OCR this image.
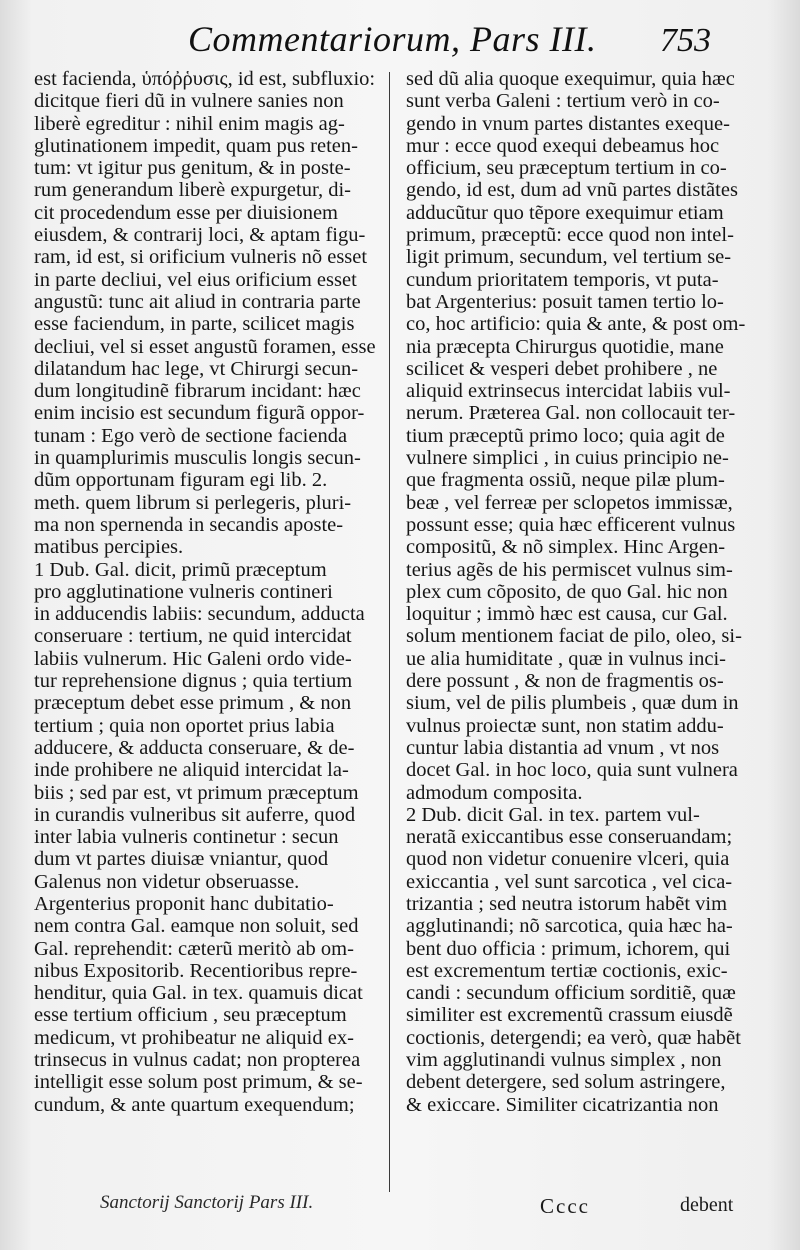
Commentariorum, Pars III. 753
est facienda, ὑπόῤῥυσις, id est, subfluxio:
dicitque fieri dũ in vulnere sanies non
liberè egreditur : nihil enim magis ag-
glutinationem impedit, quam pus reten-
tum: vt igitur pus genitum, & in poste-
rum generandum liberè expurgetur, di-
cit procedendum esse per diuisionem
eiusdem, & contrarij loci, & aptam figu-
ram, id est, si orificium vulneris nõ esset
in parte decliui, vel eius orificium esset
angustũ: tunc ait aliud in contraria parte
esse faciendum, in parte, scilicet magis
decliui, vel si esset angustũ foramen, esse
dilatandum hac lege, vt Chirurgi secun-
dum longitudinẽ fibrarum incidant: hæc
enim incisio est secundum figurã oppor-
tunam : Ego verò de sectione facienda
in quamplurimis musculis longis secun-
dũm opportunam figuram egi lib. 2.
meth. quem librum si perlegeris, pluri-
ma non spernenda in secandis aposte-
matibus percipies.
1 Dub. Gal. dicit, primũ præceptum
pro agglutinatione vulneris contineri
in adducendis labiis: secundum, adducta
conseruare : tertium, ne quid intercidat
labiis vulnerum. Hic Galeni ordo vide-
tur reprehensione dignus ; quia tertium
præceptum debet esse primum , & non
tertium ; quia non oportet prius labia
adducere, & adducta conseruare, & de-
inde prohibere ne aliquid intercidat la-
biis ; sed par est, vt primum præceptum
in curandis vulneribus sit auferre, quod
inter labia vulneris continetur : secun
dum vt partes diuisæ vniantur, quod
Galenus non videtur obseruasse.
Argenterius proponit hanc dubitatio-
nem contra Gal. eamque non soluit, sed
Gal. reprehendit: cæterũ meritò ab om-
nibus Expositorib. Recentioribus repre-
henditur, quia Gal. in tex. quamuis dicat
esse tertium officium , seu præceptum
medicum, vt prohibeatur ne aliquid ex-
trinsecus in vulnus cadat; non propterea
intelligit esse solum post primum, & se-
cundum, & ante quartum exequendum;
sed dũ alia quoque exequimur, quia hæc
sunt verba Galeni : tertium verò in co-
gendo in vnum partes distantes exeque-
mur : ecce quod exequi debeamus hoc
officium, seu præceptum tertium in co-
gendo, id est, dum ad vnũ partes distãtes
adducũtur quo tẽpore exequimur etiam
primum, præceptũ: ecce quod non intel-
ligit primum, secundum, vel tertium se-
cundum prioritatem temporis, vt puta-
bat Argenterius: posuit tamen tertio lo-
co, hoc artificio: quia & ante, & post om-
nia præcepta Chirurgus quotidie, mane
scilicet & vesperi debet prohibere , ne
aliquid extrinsecus intercidat labiis vul-
nerum. Præterea Gal. non collocauit ter-
tium præceptũ primo loco; quia agit de
vulnere simplici , in cuius principio ne-
que fragmenta ossiũ, neque pilæ plum-
beæ , vel ferreæ per sclopetos immissæ,
possunt esse; quia hæc efficerent vulnus
compositũ, & nõ simplex. Hinc Argen-
terius agẽs de his permiscet vulnus sim-
plex cum cõposito, de quo Gal. hic non
loquitur ; immò hæc est causa, cur Gal.
solum mentionem faciat de pilo, oleo, si-
ue alia humiditate , quæ in vulnus inci-
dere possunt , & non de fragmentis os-
sium, vel de pilis plumbeis , quæ dum in
vulnus proiectæ sunt, non statim addu-
cuntur labia distantia ad vnum , vt nos
docet Gal. in hoc loco, quia sunt vulnera
admodum composita.
2 Dub. dicit Gal. in tex. partem vul-
neratã exiccantibus esse conseruandam;
quod non videtur conuenire vlceri, quia
exiccantia , vel sunt sarcotica , vel cica-
trizantia ; sed neutra istorum habẽt vim
agglutinandi; nõ sarcotica, quia hæc ha-
bent duo officia : primum, ichorem, qui
est excrementum tertiæ coctionis, exic-
candi : secundum officium sorditiẽ, quæ
similiter est excrementũ crassum eiusdẽ
coctionis, detergendi; ea verò, quæ habẽt
vim agglutinandi vulnus simplex , non
debent detergere, sed solum astringere,
& exiccare. Similiter cicatrizantia non
Sanctorij Sanctorij Pars III.	Cccc	debent
